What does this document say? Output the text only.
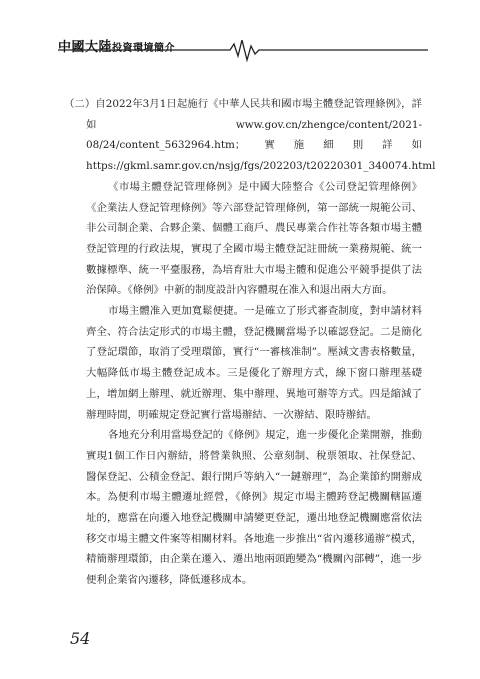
中國大陸投資環境簡介

（二）自2022年3月1日起施行《中華人民共和國市場主體登記管理條例》，詳如www.gov.cn/zhengce/content/2021-08/24/content_5632964.htm；實施細則詳如https://gkml.samr.gov.cn/nsjg/fgs/202203/t20220301_340074.html

《市場主體登記管理條例》是中國大陸整合《公司登記管理條例》《企業法人登記管理條例》等六部登記管理條例，第一部統一規範公司、非公司制企業、合夥企業、個體工商戶、農民專業合作社等各類市場主體登記管理的行政法規，實現了全國市場主體登記註冊統一業務規範、統一數據標準、統一平臺服務，為培育壯大市場主體和促進公平競爭提供了法治保障。《條例》中新的制度設計內容體現在准入和退出兩大方面。

市場主體准入更加寬鬆便捷。一是確立了形式審查制度，對申請材料齊全、符合法定形式的市場主體，登記機關當場予以確認登記。二是簡化了登記環節，取消了受理環節，實行“一審核准制”。壓減文書表格數量，大幅降低市場主體登記成本。三是優化了辦理方式，線下窗口辦理基礎上，增加網上辦理、就近辦理、集中辦理、異地可辦等方式。四是縮減了辦理時間，明確規定登記實行當場辦結、一次辦結、限時辦結。

各地充分利用當場登記的《條例》規定，進一步優化企業開辦，推動實現1個工作日內辦結，將營業執照、公章刻制、稅票領取、社保登記、醫保登記、公積金登記、銀行開戶等納入“一鏈辦理”，為企業節約開辦成本。為便利市場主體遷址經營，《條例》規定市場主體跨登記機關轄區遷址的，應當在向遷入地登記機關申請變更登記，遷出地登記機關應當依法移交市場主體文件案等相關材料。各地進一步推出“省內遷移通辦”模式，精簡辦理環節，由企業在遷入、遷出地兩頭跑變為“機關內部轉”，進一步便利企業省內遷移，降低遷移成本。

54
